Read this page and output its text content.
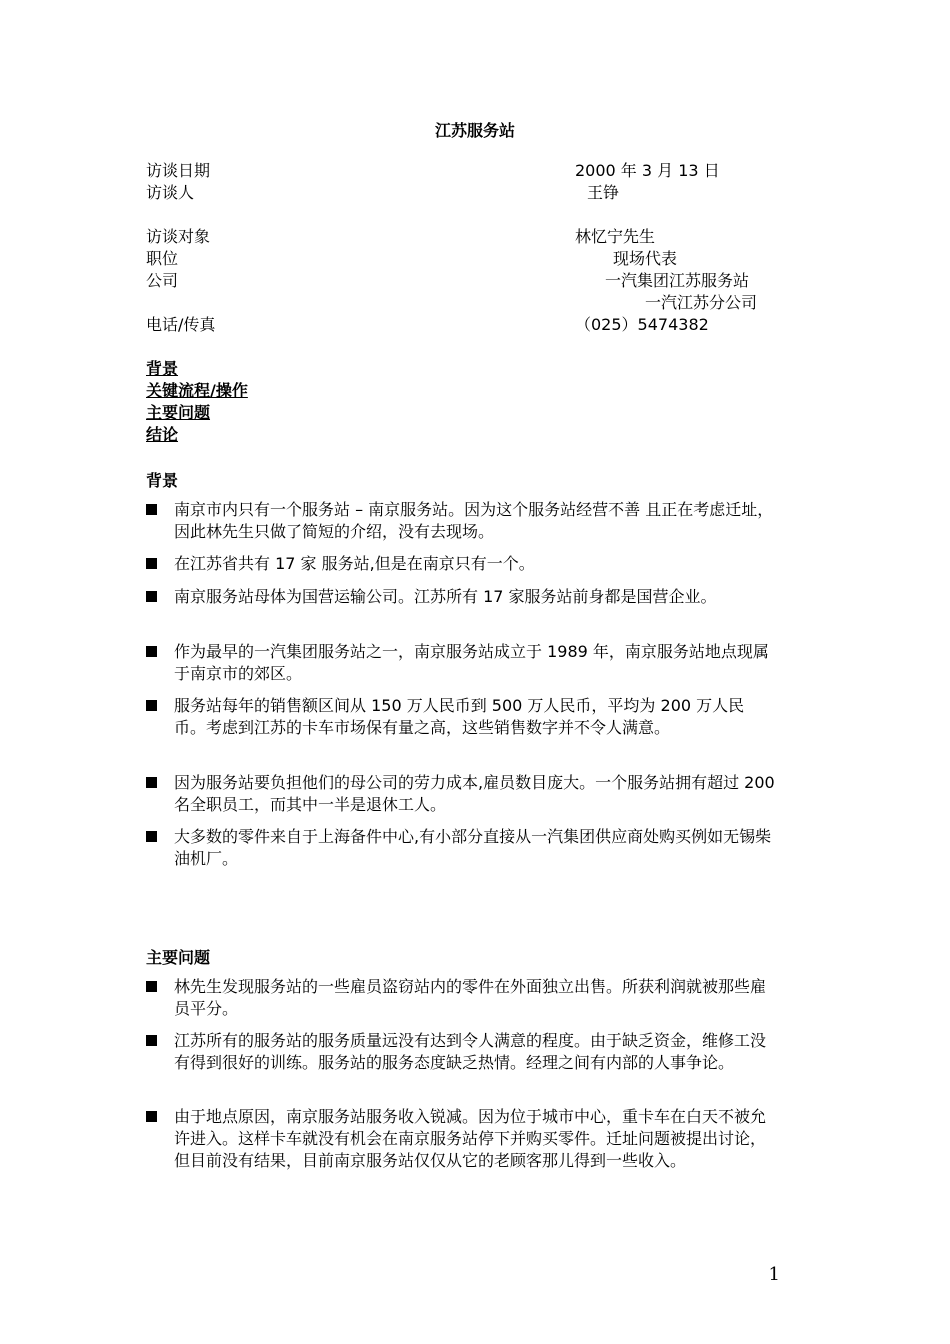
江苏服务站
访谈日期	2000 年 3 月 13 日
访谈人	王铮
访谈对象	林忆宁先生
职位	现场代表
公司	一汽集团江苏服务站
一汽江苏分公司
电话/传真	（025）5474382
背景
关键流程/操作
主要问题
结论
背景
南京市内只有一个服务站 – 南京服务站。因为这个服务站经营不善 且正在考虑迁址，因此林先生只做了简短的介绍，没有去现场。
在江苏省共有 17 家 服务站,但是在南京只有一个。
南京服务站母体为国营运输公司。江苏所有 17 家服务站前身都是国营企业。
作为最早的一汽集团服务站之一，南京服务站成立于 1989 年，南京服务站地点现属于南京市的郊区。
服务站每年的销售额区间从 150 万人民币到 500 万人民币，平均为 200 万人民币。考虑到江苏的卡车市场保有量之高，这些销售数字并不令人满意。
因为服务站要负担他们的母公司的劳力成本,雇员数目庞大。一个服务站拥有超过 200 名全职员工，而其中一半是退休工人。
大多数的零件来自于上海备件中心,有小部分直接从一汽集团供应商处购买例如无锡柴油机厂。
主要问题
林先生发现服务站的一些雇员盗窃站内的零件在外面独立出售。所获利润就被那些雇员平分。
江苏所有的服务站的服务质量远没有达到令人满意的程度。由于缺乏资金，维修工没有得到很好的训练。服务站的服务态度缺乏热情。经理之间有内部的人事争论。
由于地点原因，南京服务站服务收入锐减。因为位于城市中心，重卡车在白天不被允许进入。这样卡车就没有机会在南京服务站停下并购买零件。迁址问题被提出讨论，但目前没有结果，目前南京服务站仅仅从它的老顾客那儿得到一些收入。
1
